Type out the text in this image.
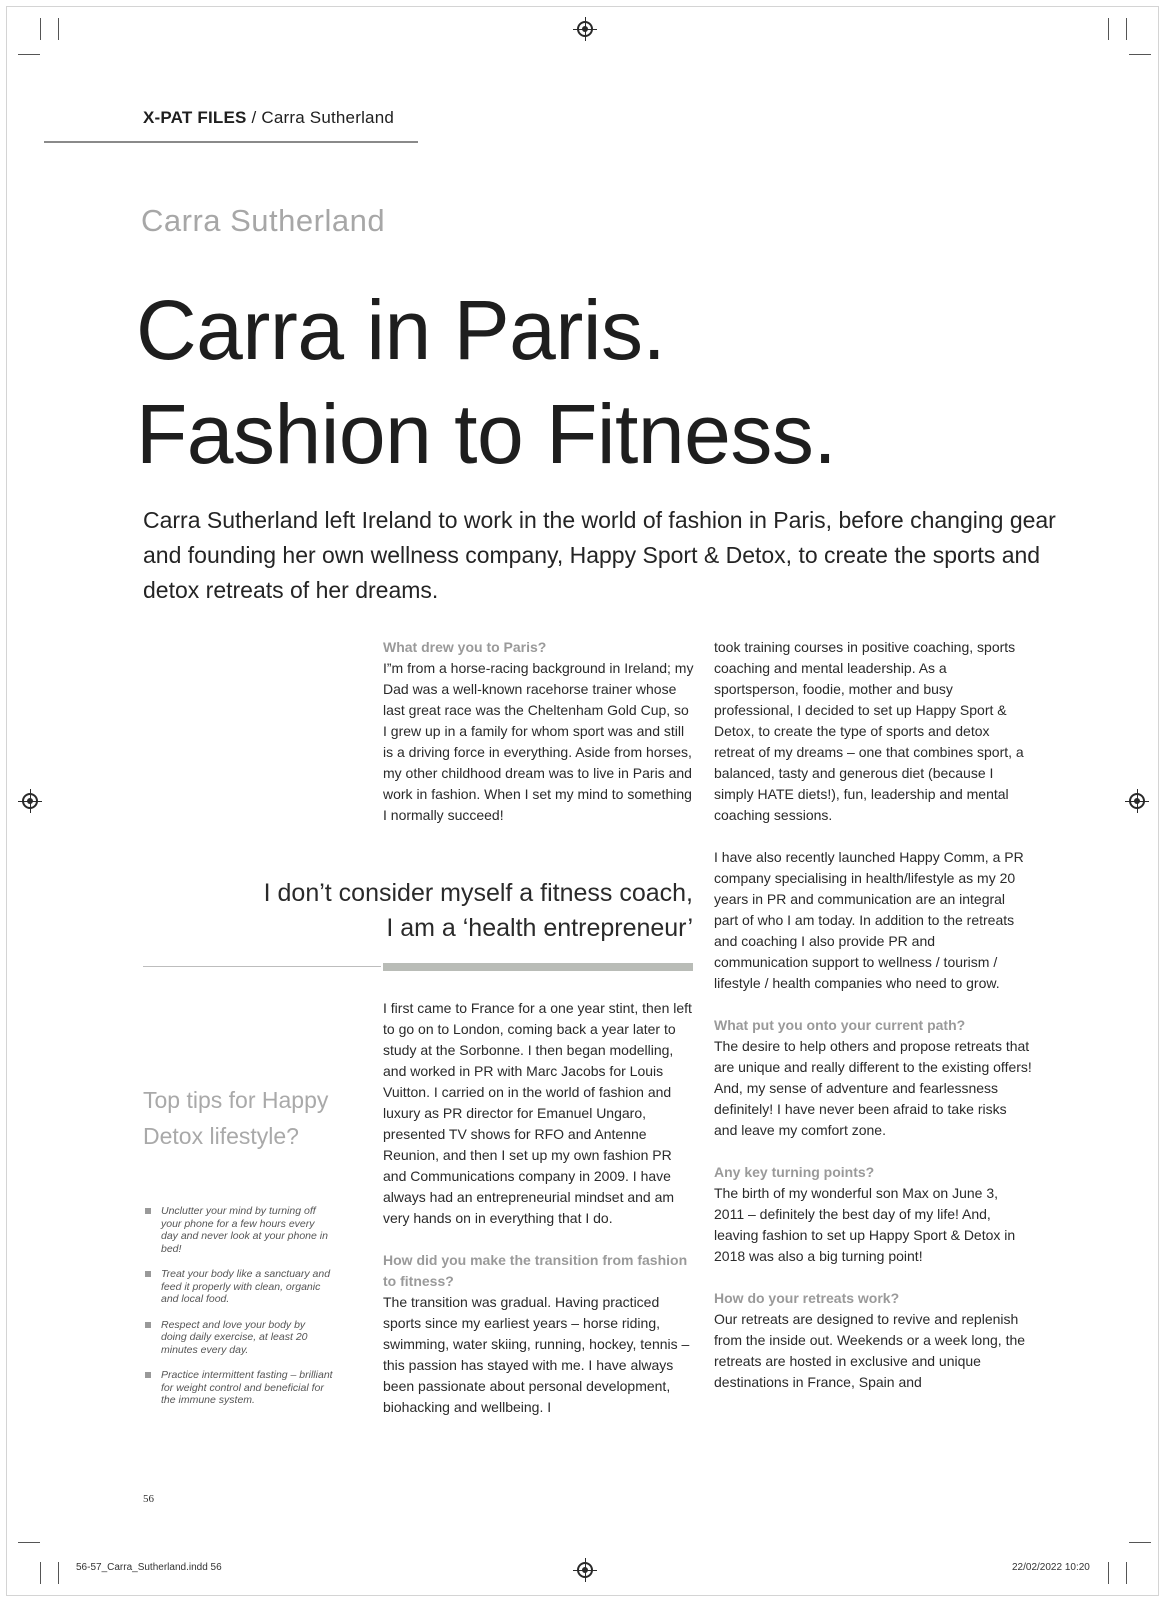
X-PAT FILES / Carra Sutherland
Carra Sutherland
Carra in Paris.
Fashion to Fitness.

Carra Sutherland left Ireland to work in the world of fashion in Paris, before changing gear and founding her own wellness company, Happy Sport & Detox, to create the sports and detox retreats of her dreams.

What drew you to Paris?

I”m from a horse-racing background in Ireland; my Dad was a well-known racehorse trainer whose last great race was the Cheltenham Gold Cup, so I grew up in a family for whom sport was and still is a driving force in everything. Aside from horses, my other childhood dream was to live in Paris and work in fashion. When I set my mind to something I normally succeed!

I don’t consider myself a fitness coach,
I am a ‘health entrepreneur’

I first came to France for a one year stint, then left to go on to London, coming back a year later to study at the Sorbonne. I then began modelling, and worked in PR with Marc Jacobs for Louis Vuitton. I carried on in the world of fashion and luxury as PR director for Emanuel Ungaro, presented TV shows for RFO and Antenne Reunion, and then I set up my own fashion PR and Communications company in 2009. I have always had an entrepreneurial mindset and am very hands on in everything that I do.

How did you make the transition from fashion to fitness?

The transition was gradual. Having practiced sports since my earliest years – horse riding, swimming, water skiing, running, hockey, tennis – this passion has stayed with me. I have always been passionate about personal development, biohacking and wellbeing. I

took training courses in positive coaching, sports coaching and mental leadership. As a sportsperson, foodie, mother and busy professional, I decided to set up Happy Sport & Detox, to create the type of sports and detox retreat of my dreams – one that combines sport, a balanced, tasty and generous diet (because I simply HATE diets!), fun, leadership and mental coaching sessions.

I have also recently launched Happy Comm, a PR company specialising in health/lifestyle as my 20 years in PR and communication are an integral part of who I am today. In addition to the retreats and coaching I also provide PR and communication support to wellness / tourism / lifestyle / health companies who need to grow.

What put you onto your current path?

The desire to help others and propose retreats that are unique and really different to the existing offers! And, my sense of adventure and fearlessness definitely! I have never been afraid to take risks and leave my comfort zone.

Any key turning points?

The birth of my wonderful son Max on June 3, 2011 – definitely the best day of my life! And, leaving fashion to set up Happy Sport & Detox in 2018 was also a big turning point!

How do your retreats work?

Our retreats are designed to revive and replenish from the inside out. Weekends or a week long, the retreats are hosted in exclusive and unique destinations in France, Spain and

Top tips for Happy Detox lifestyle?
Unclutter your mind by turning off your phone for a few hours every day and never look at your phone in bed!
Treat your body like a sanctuary and feed it properly with clean, organic and local food.
Respect and love your body by doing daily exercise, at least 20 minutes every day.
Practice intermittent fasting – brilliant for weight control and beneficial for the immune system.
56
56-57_Carra_Sutherland.indd 56	22/02/2022 10:20
